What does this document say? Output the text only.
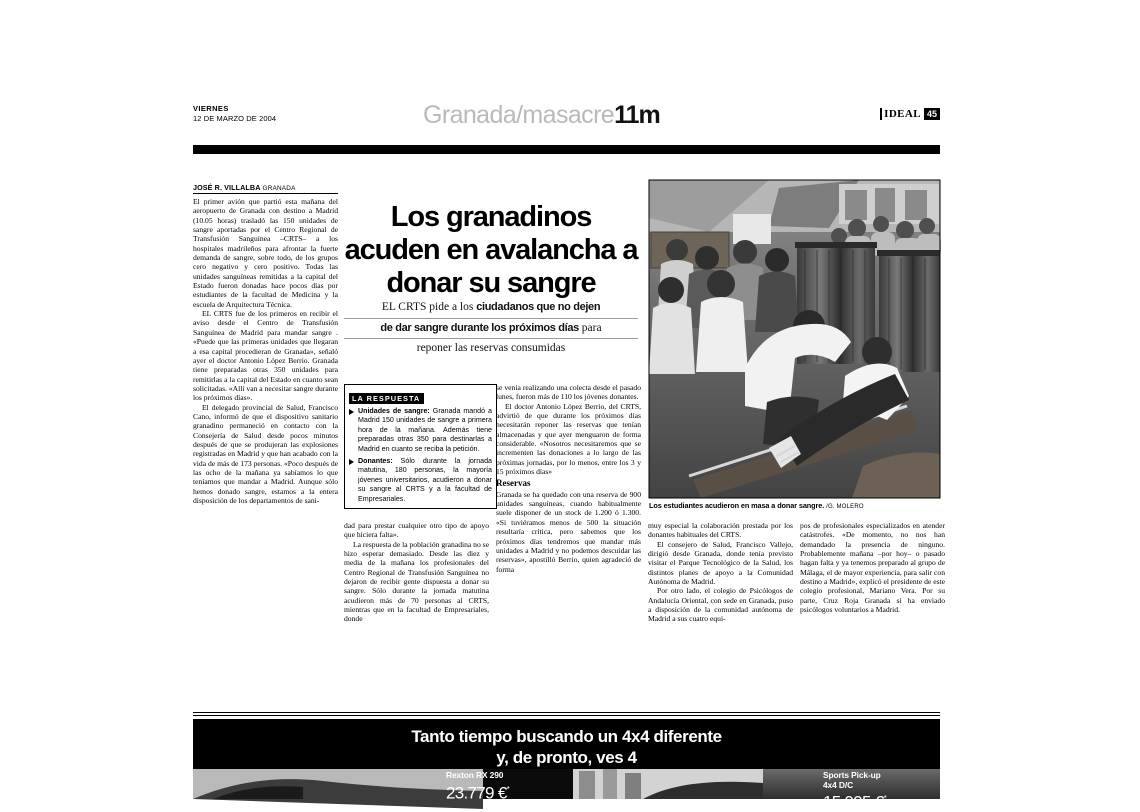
VIERNES
12 DE MARZO DE 2004	Granada/masacre11m	IDEAL 45
JOSÉ R. VILLALBA GRANADA

El primer avión que partió esta mañana del aeropuerto de Granada con destino a Madrid (10.05 horas) trasladó las 150 unidades de sangre aportadas por el Centro Regional de Transfusión Sanguínea –CRTS– a los hospitales madrileños para afrontar la fuerte demanda de sangre, sobre todo, de los grupos cero negativo y cero positivo. Todas las unidades sanguíneas remitidas a la capital del Estado fueron donadas hace pocos días por estudiantes de la facultad de Medicina y la escuela de Arquitectura Técnica.

EL CRTS fue de los primeros en recibir el aviso desde el Centro de Transfusión Sanguínea de Madrid para mandar sangre . «Puede que las primeras unidades que llegaran a esa capital procedieran de Granada», señaló ayer el doctor Antonio López Berrio. Granada tiene preparadas otras 350 unidades para remitirlas a la capital del Estado en cuanto sean solicitadas. «Allí van a necesitar sangre durante los próximos días».

El delegado provincial de Salud, Francisco Cano, informó de que el dispositivo sanitario granadino permaneció en contacto con la Consejería de Salud desde pocos minutos después de que se produjeran las explosiones registradas en Madrid y que han acabado con la vida de más de 173 personas. «Poco después de las ocho de la mañana ya sabíamos lo que teníamos que mandar a Madrid. Aunque sólo hemos donado sangre, estamos a la entera disposición de los departamentos de sani-

Los granadinos acuden en avalancha a donar su sangre
EL CRTS pide a los ciudadanos que no dejen
de dar sangre durante los próximos días para
reponer las reservas consumidas
LA RESPUESTA
Unidades de sangre: Granada mandó a Madrid 150 unidades de sangre a primera hora de la mañana. Además tiene preparadas otras 350 para destinarlas a Madrid en cuanto se reciba la petición.
Donantes: Sólo durante la jornada matutina, 180 personas, la mayoría jóvenes universitarios, acudieron a donar su sangre al CRTS y a la facultad de Empresariales.

dad para prestar cualquier otro tipo de apoyo que hiciera falta».

La respuesta de la población granadina no se hizo esperar demasiado. Desde las diez y media de la mañana los profesionales del Centro Regional de Transfusión Sanguínea no dejaron de recibir gente dispuesta a donar su sangre. Sólo durante la jornada matutina acudieron más de 70 personas al CRTS, mientras que en la facultad de Empresariales, donde

se venía realizando una colecta desde el pasado lunes, fueron más de 110 los jóvenes donantes.

El doctor Antonio López Berrio, del CRTS, advirtió de que durante los próximos días necesitarán reponer las reservas que tenían almacenadas y que ayer menguaron de forma considerable. «Nosotros necesitaremos que se incrementen las donaciones a lo largo de las próximas jornadas, por lo menos, entre los 3 y 15 próximos días»

Reservas

Granada se ha quedado con una reserva de 900 unidades sanguíneas, cuando habitualmente suele disponer de un stock de 1.200 ó 1.300. «Si tuviéramos menos de 500 la situación resultaría crítica, pero sabemos que los próximos días tendremos que mandar más unidades a Madrid y no podemos descuidar las reservas», apostilló Berrio, quien agradeció de forma

Los estudiantes acudieron en masa a donar sangre. /G. MOLERO

muy especial la colaboración prestada por los donantes habituales del CRTS.

El consejero de Salud, Francisco Vallejo, dirigió desde Granada, donde tenía previsto visitar el Parque Tecnológico de la Salud, los distintos planes de apoyo a la Comunidad Autónoma de Madrid.

Por otro lado, el colegio de Psicólogos de Andalucía Oriental, con sede en Granada, puso a disposición de la comunidad autónoma de Madrid a sus cuatro equi-

pos de profesionales especializados en atender catástrofes. «De momento, no nos han demandado la presencia de ninguno. Probablemente mañana –por hoy– o pasado hagan falta y ya tenemos preparado al grupo de Málaga, el de mayor experiencia, para salir con destino a Madrid», explicó el presidente de este colegio profesional, Mariano Vera. Por su parte, Cruz Roja Granada sí ha enviado psicólogos voluntarios a Madrid.

Tanto tiempo buscando un 4x4 diferente
y, de pronto, ves 4
Rexton RX 290
23.779 €*
Sports Pick-up
4x4 D/C
15.995 €*
